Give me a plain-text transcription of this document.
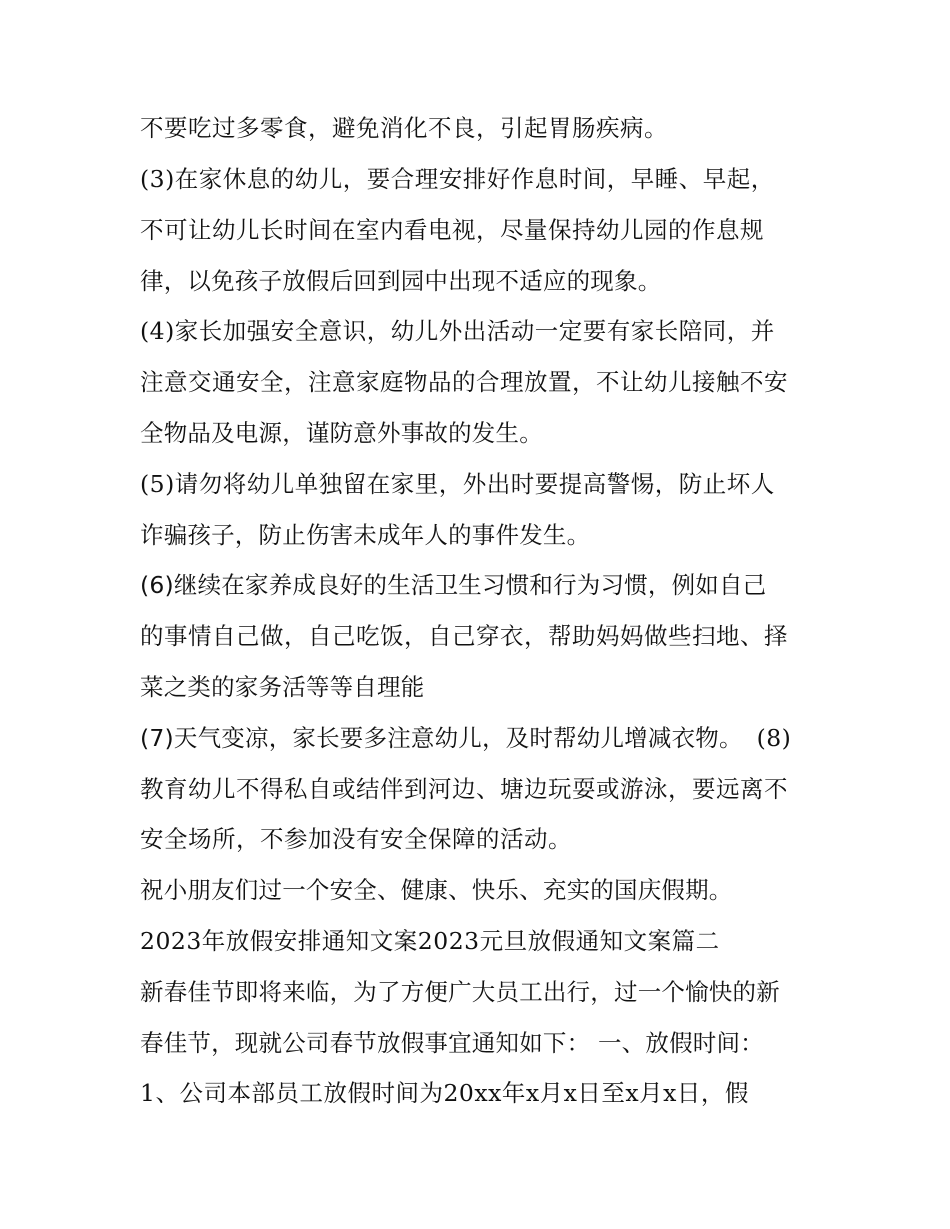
不要吃过多零食，避免消化不良，引起胃肠疾病。
(3)在家休息的幼儿，要合理安排好作息时间，早睡、早起，
不可让幼儿长时间在室内看电视，尽量保持幼儿园的作息规
律，以免孩子放假后回到园中出现不适应的现象。
(4)家长加强安全意识，幼儿外出活动一定要有家长陪同，并
注意交通安全，注意家庭物品的合理放置，不让幼儿接触不安
全物品及电源，谨防意外事故的发生。
(5)请勿将幼儿单独留在家里，外出时要提高警惕，防止坏人
诈骗孩子，防止伤害未成年人的事件发生。
(6)继续在家养成良好的生活卫生习惯和行为习惯，例如自己
的事情自己做，自己吃饭，自己穿衣，帮助妈妈做些扫地、择
菜之类的家务活等等自理能
(7)天气变凉，家长要多注意幼儿，及时帮幼儿增减衣物。 (8)
教育幼儿不得私自或结伴到河边、塘边玩耍或游泳，要远离不
安全场所，不参加没有安全保障的活动。
祝小朋友们过一个安全、健康、快乐、充实的国庆假期。
2023年放假安排通知文案2023元旦放假通知文案篇二
新春佳节即将来临，为了方便广大员工出行，过一个愉快的新
春佳节，现就公司春节放假事宜通知如下： 一、放假时间：
1、公司本部员工放假时间为20xx年x月x日至x月x日，假
